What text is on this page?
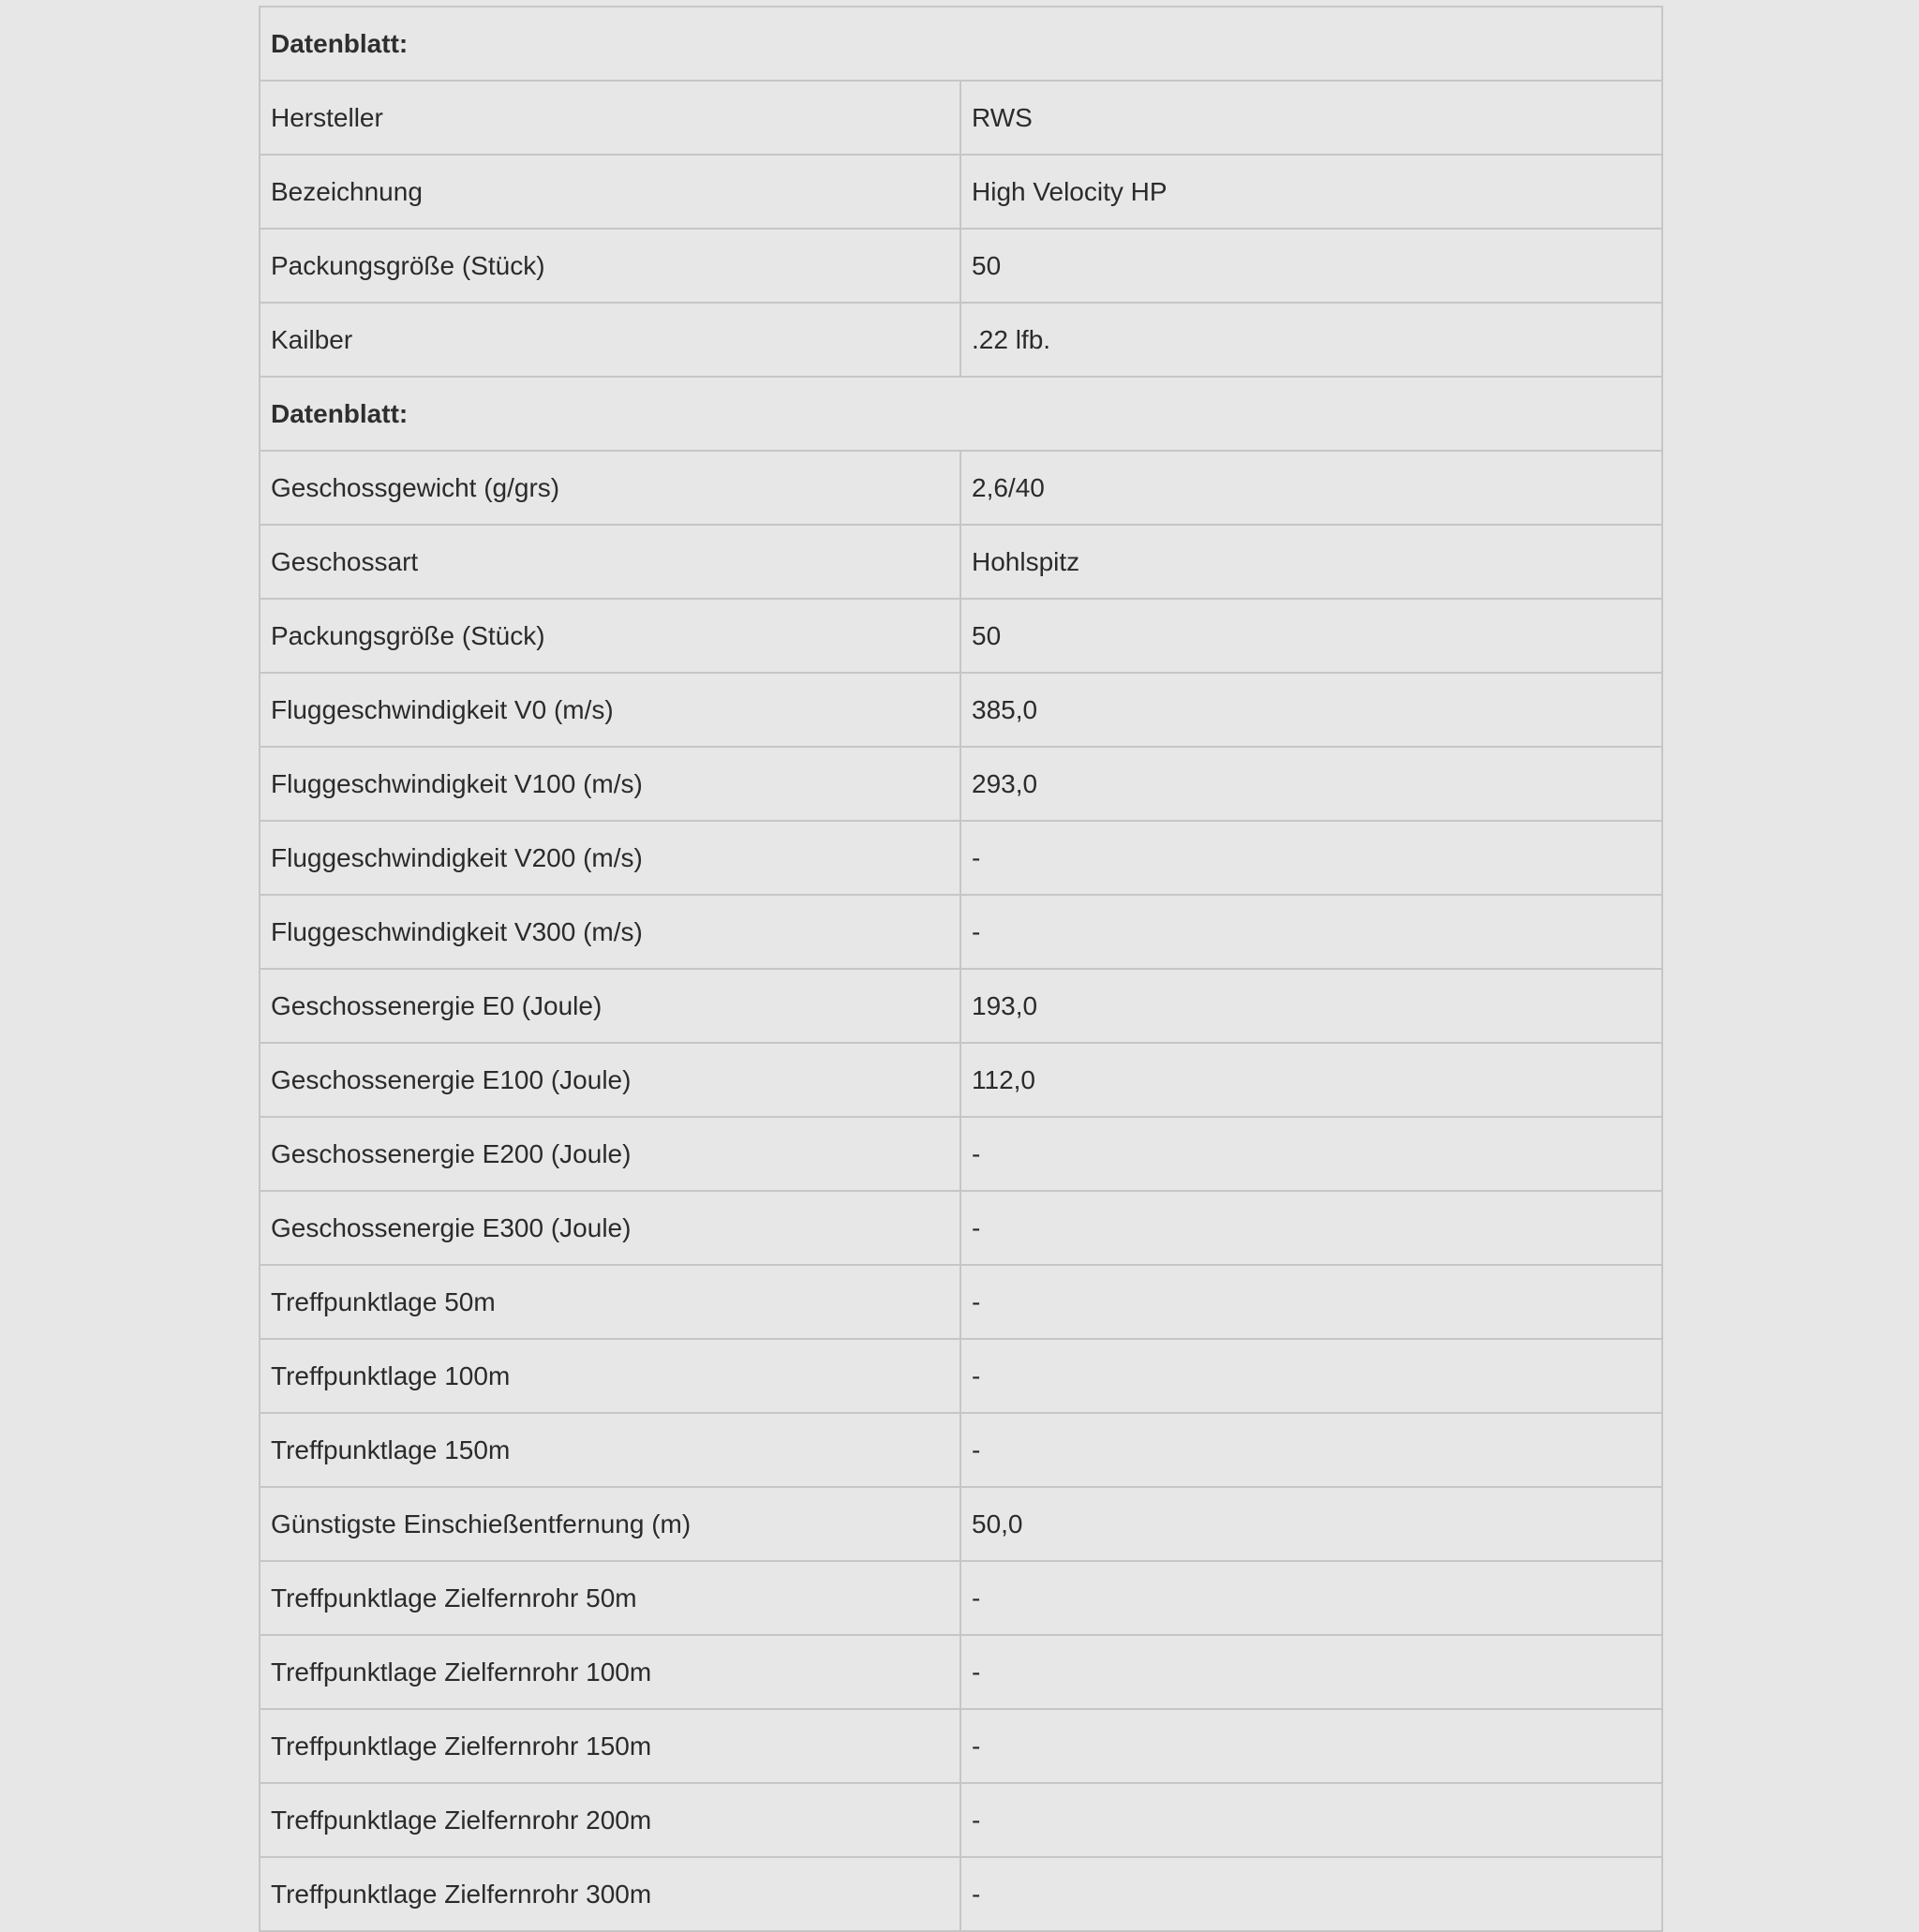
Datenblatt:	
Hersteller	RWS
Bezeichnung	High Velocity HP
Packungsgröße (Stück)	50
Kailber	.22 lfb.
Datenblatt:	
Geschossgewicht (g/grs)	2,6/40
Geschossart	Hohlspitz
Packungsgröße (Stück)	50
Fluggeschwindigkeit V0 (m/s)	385,0
Fluggeschwindigkeit V100 (m/s)	293,0
Fluggeschwindigkeit V200 (m/s)	-
Fluggeschwindigkeit V300 (m/s)	-
Geschossenergie E0 (Joule)	193,0
Geschossenergie E100 (Joule)	112,0
Geschossenergie E200 (Joule)	-
Geschossenergie E300 (Joule)	-
Treffpunktlage 50m	-
Treffpunktlage 100m	-
Treffpunktlage 150m	-
Günstigste Einschießentfernung (m)	50,0
Treffpunktlage Zielfernrohr 50m	-
Treffpunktlage Zielfernrohr 100m	-
Treffpunktlage Zielfernrohr 150m	-
Treffpunktlage Zielfernrohr 200m	-
Treffpunktlage Zielfernrohr 300m	-
